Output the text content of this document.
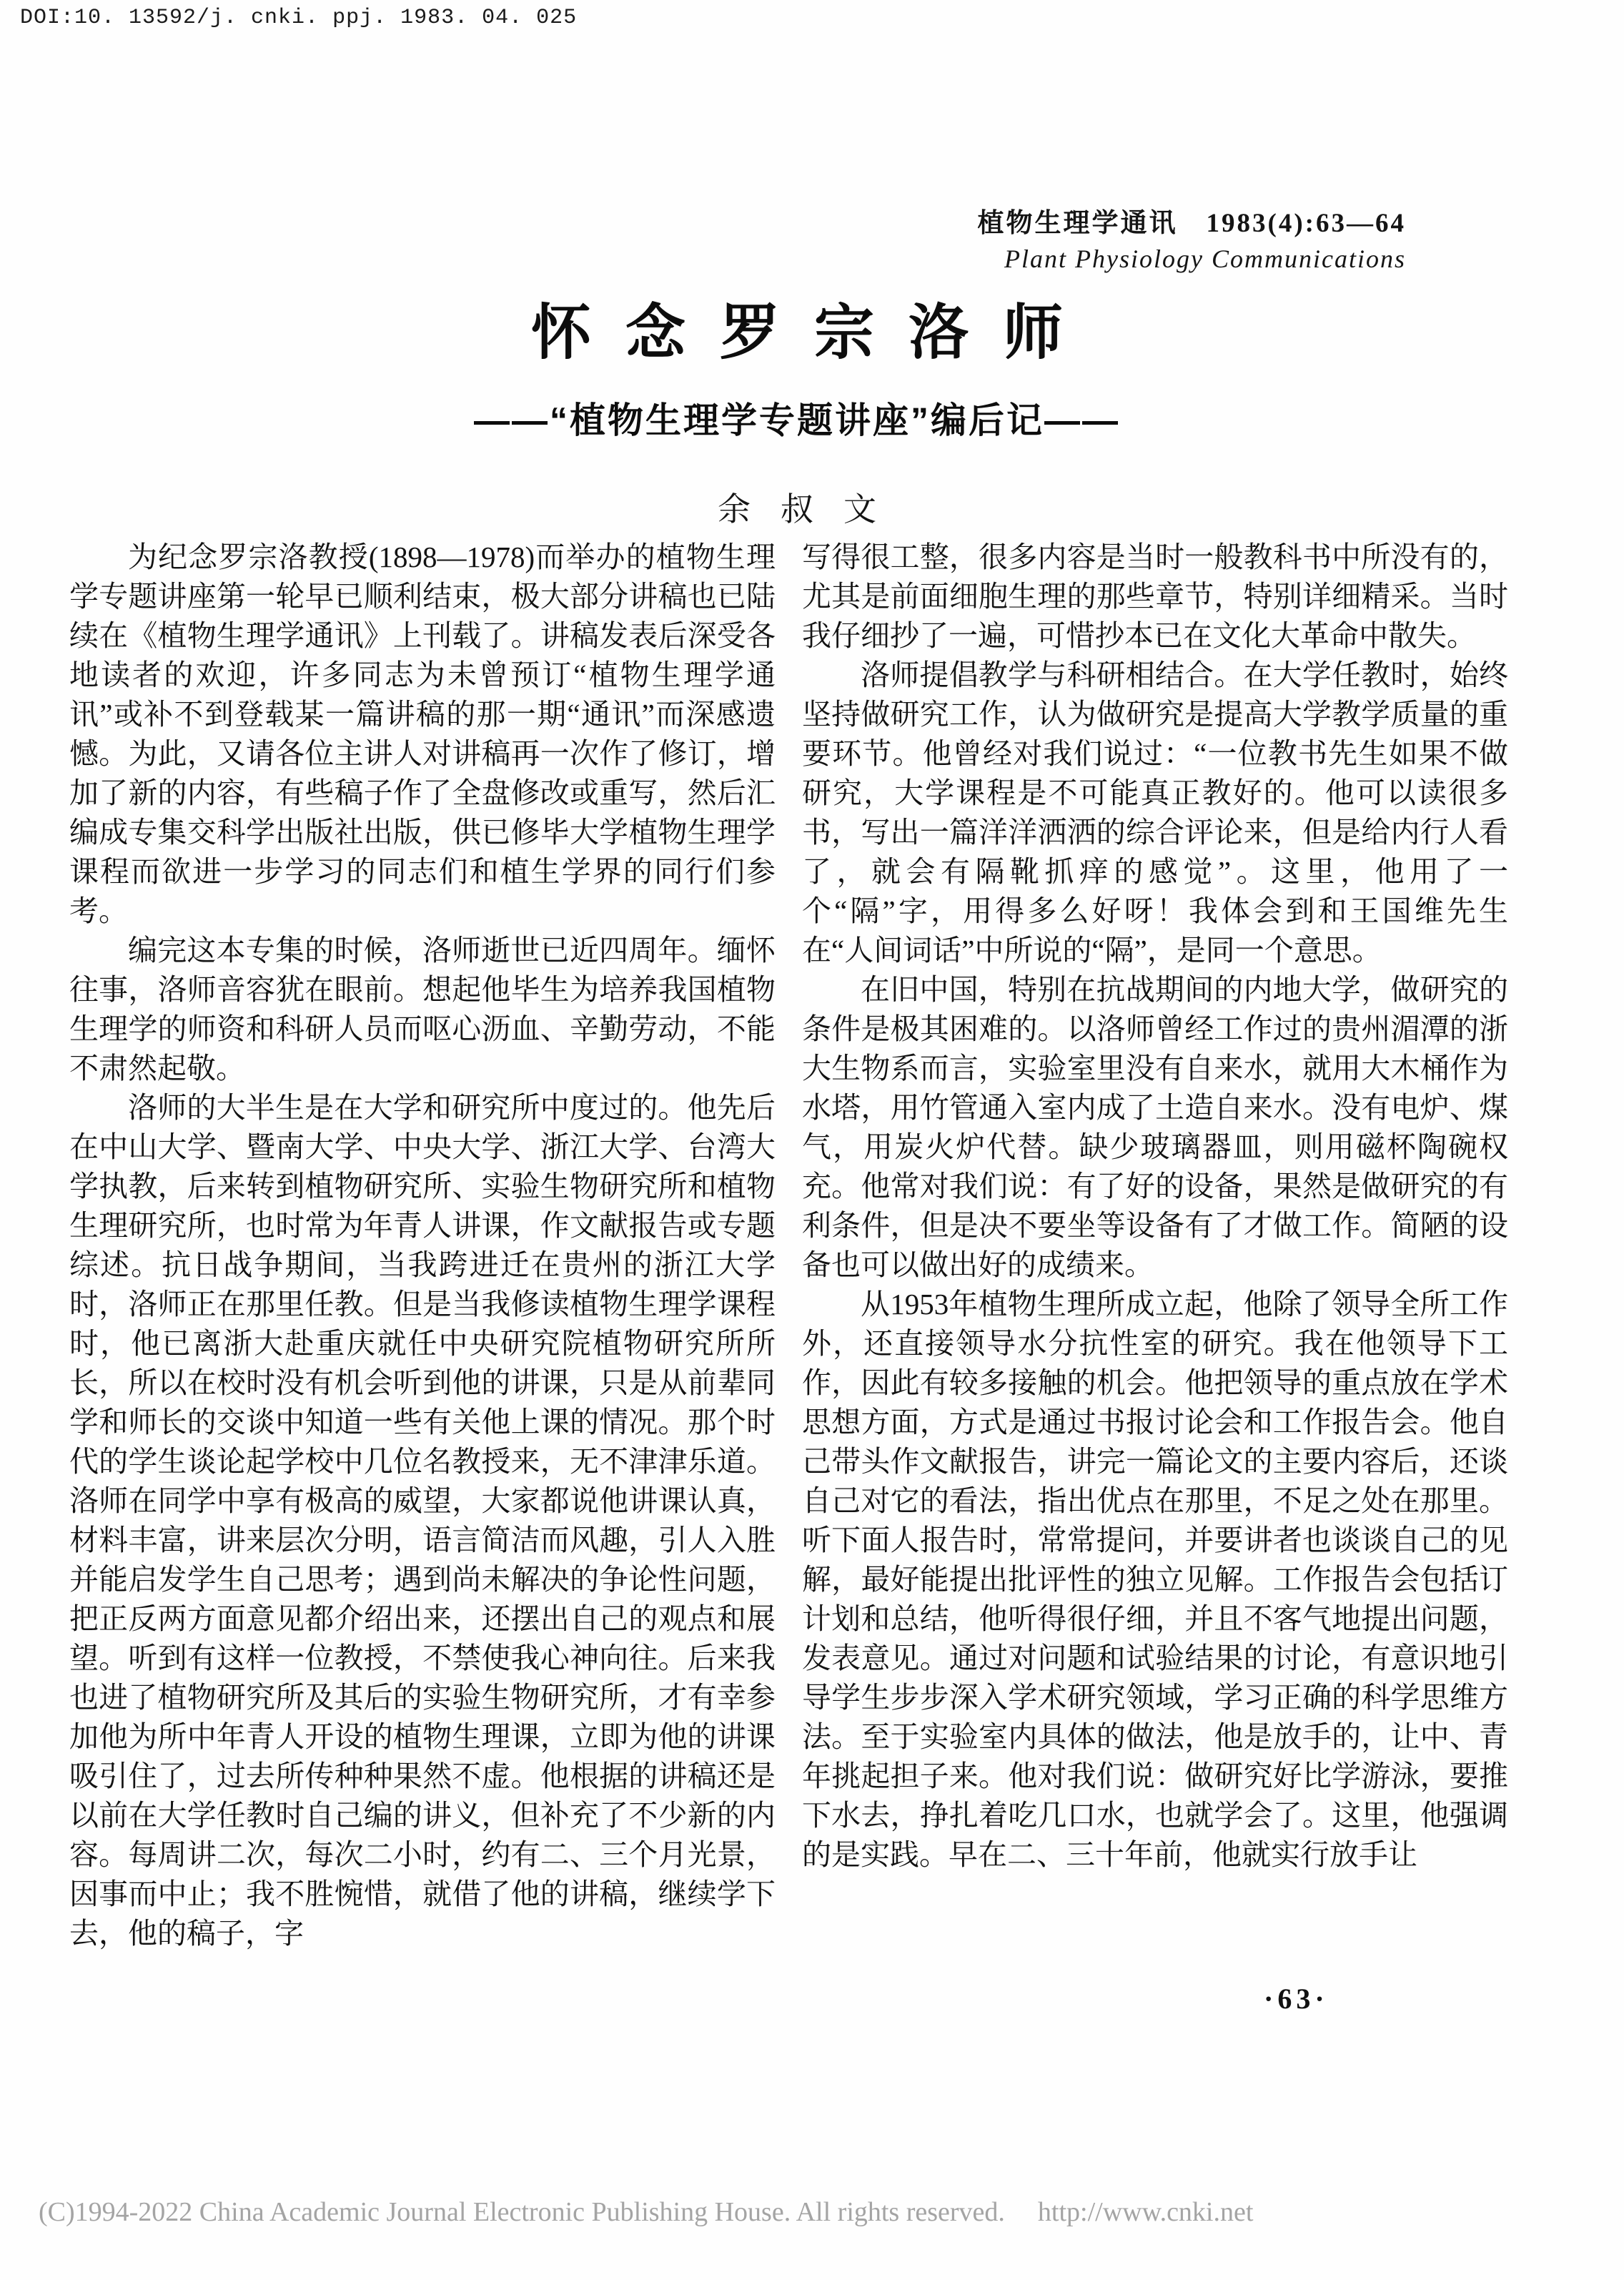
DOI:10. 13592/j. cnki. ppj. 1983. 04. 025
植物生理学通讯　1983(4):63—64
Plant Physiology Communications
怀念罗宗洛师
——“植物生理学专题讲座”编后记——
余叔文

为纪念罗宗洛教授(1898—1978)而举办的植物生理学专题讲座第一轮早已顺利结束，极大部分讲稿也已陆续在《植物生理学通讯》上刊载了。讲稿发表后深受各地读者的欢迎，许多同志为未曾预订“植物生理学通讯”或补不到登载某一篇讲稿的那一期“通讯”而深感遗憾。为此，又请各位主讲人对讲稿再一次作了修订，增加了新的内容，有些稿子作了全盘修改或重写，然后汇编成专集交科学出版社出版，供已修毕大学植物生理学课程而欲进一步学习的同志们和植生学界的同行们参考。

编完这本专集的时候，洛师逝世已近四周年。缅怀往事，洛师音容犹在眼前。想起他毕生为培养我国植物生理学的师资和科研人员而呕心沥血、辛勤劳动，不能不肃然起敬。

洛师的大半生是在大学和研究所中度过的。他先后在中山大学、暨南大学、中央大学、浙江大学、台湾大学执教，后来转到植物研究所、实验生物研究所和植物生理研究所，也时常为年青人讲课，作文献报告或专题综述。抗日战争期间，当我跨进迁在贵州的浙江大学时，洛师正在那里任教。但是当我修读植物生理学课程时，他已离浙大赴重庆就任中央研究院植物研究所所长，所以在校时没有机会听到他的讲课，只是从前辈同学和师长的交谈中知道一些有关他上课的情况。那个时代的学生谈论起学校中几位名教授来，无不津津乐道。洛师在同学中享有极高的威望，大家都说他讲课认真，材料丰富，讲来层次分明，语言简洁而风趣，引人入胜并能启发学生自己思考；遇到尚未解决的争论性问题，把正反两方面意见都介绍出来，还摆出自己的观点和展望。听到有这样一位教授，不禁使我心神向往。后来我也进了植物研究所及其后的实验生物研究所，才有幸参加他为所中年青人开设的植物生理课，立即为他的讲课吸引住了，过去所传种种果然不虚。他根据的讲稿还是以前在大学任教时自己编的讲义，但补充了不少新的内容。每周讲二次，每次二小时，约有二、三个月光景，因事而中止；我不胜惋惜，就借了他的讲稿，继续学下去，他的稿子，字

写得很工整，很多内容是当时一般教科书中所没有的，尤其是前面细胞生理的那些章节，特别详细精采。当时我仔细抄了一遍，可惜抄本已在文化大革命中散失。

洛师提倡教学与科研相结合。在大学任教时，始终坚持做研究工作，认为做研究是提高大学教学质量的重要环节。他曾经对我们说过：“一位教书先生如果不做研究，大学课程是不可能真正教好的。他可以读很多书，写出一篇洋洋洒洒的综合评论来，但是给内行人看了，就会有隔靴抓痒的感觉”。这里，他用了一个“隔”字，用得多么好呀！我体会到和王国维先生在“人间词话”中所说的“隔”，是同一个意思。

在旧中国，特别在抗战期间的内地大学，做研究的条件是极其困难的。以洛师曾经工作过的贵州湄潭的浙大生物系而言，实验室里没有自来水，就用大木桶作为水塔，用竹管通入室内成了土造自来水。没有电炉、煤气，用炭火炉代替。缺少玻璃器皿，则用磁杯陶碗权充。他常对我们说：有了好的设备，果然是做研究的有利条件，但是决不要坐等设备有了才做工作。简陋的设备也可以做出好的成绩来。

从1953年植物生理所成立起，他除了领导全所工作外，还直接领导水分抗性室的研究。我在他领导下工作，因此有较多接触的机会。他把领导的重点放在学术思想方面，方式是通过书报讨论会和工作报告会。他自己带头作文献报告，讲完一篇论文的主要内容后，还谈自己对它的看法，指出优点在那里，不足之处在那里。听下面人报告时，常常提问，并要讲者也谈谈自己的见解，最好能提出批评性的独立见解。工作报告会包括订计划和总结，他听得很仔细，并且不客气地提出问题，发表意见。通过对问题和试验结果的讨论，有意识地引导学生步步深入学术研究领域，学习正确的科学思维方法。至于实验室内具体的做法，他是放手的，让中、青年挑起担子来。他对我们说：做研究好比学游泳，要推下水去，挣扎着吃几口水，也就学会了。这里，他强调的是实践。早在二、三十年前，他就实行放手让

·63·
(C)1994-2022 China Academic Journal Electronic Publishing House. All rights reserved. http://www.cnki.net
